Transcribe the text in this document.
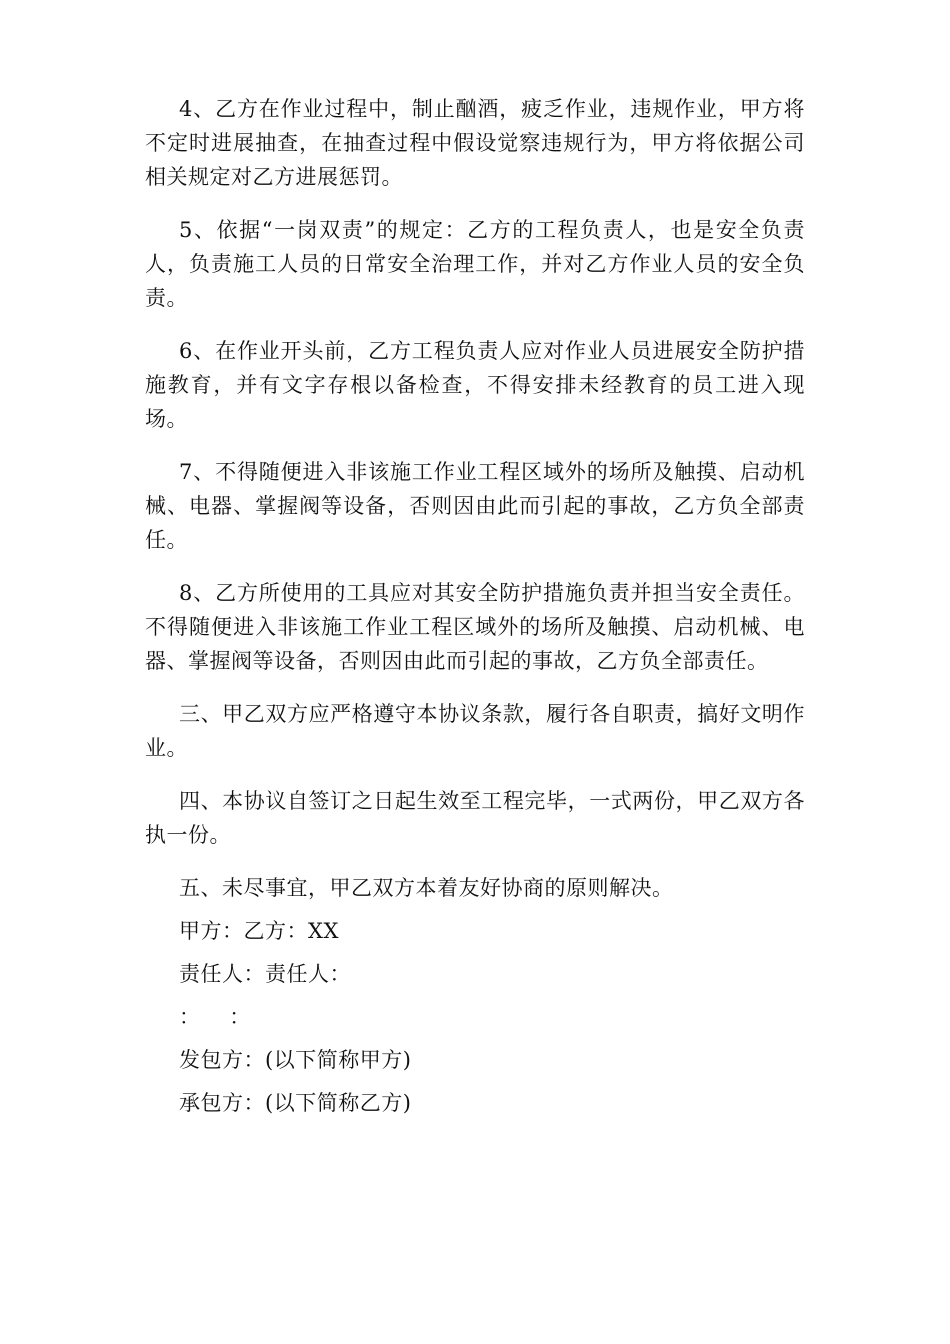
4、乙方在作业过程中，制止酗酒，疲乏作业，违规作业，甲方将不定时进展抽查，在抽查过程中假设觉察违规行为，甲方将依据公司相关规定对乙方进展惩罚。

5、依据“一岗双责”的规定：乙方的工程负责人，也是安全负责人，负责施工人员的日常安全治理工作，并对乙方作业人员的安全负责。

6、在作业开头前，乙方工程负责人应对作业人员进展安全防护措施教育，并有文字存根以备检查，不得安排未经教育的员工进入现场。

7、不得随便进入非该施工作业工程区域外的场所及触摸、启动机械、电器、掌握阀等设备，否则因由此而引起的事故，乙方负全部责任。

8、乙方所使用的工具应对其安全防护措施负责并担当安全责任。不得随便进入非该施工作业工程区域外的场所及触摸、启动机械、电器、掌握阀等设备，否则因由此而引起的事故，乙方负全部责任。

三、甲乙双方应严格遵守本协议条款，履行各自职责，搞好文明作业。

四、本协议自签订之日起生效至工程完毕，一式两份，甲乙双方各执一份。

五、未尽事宜，甲乙双方本着友好协商的原则解决。

甲方：乙方：XX

责任人：责任人：

：    ：

发包方：(以下简称甲方)

承包方：(以下简称乙方)
